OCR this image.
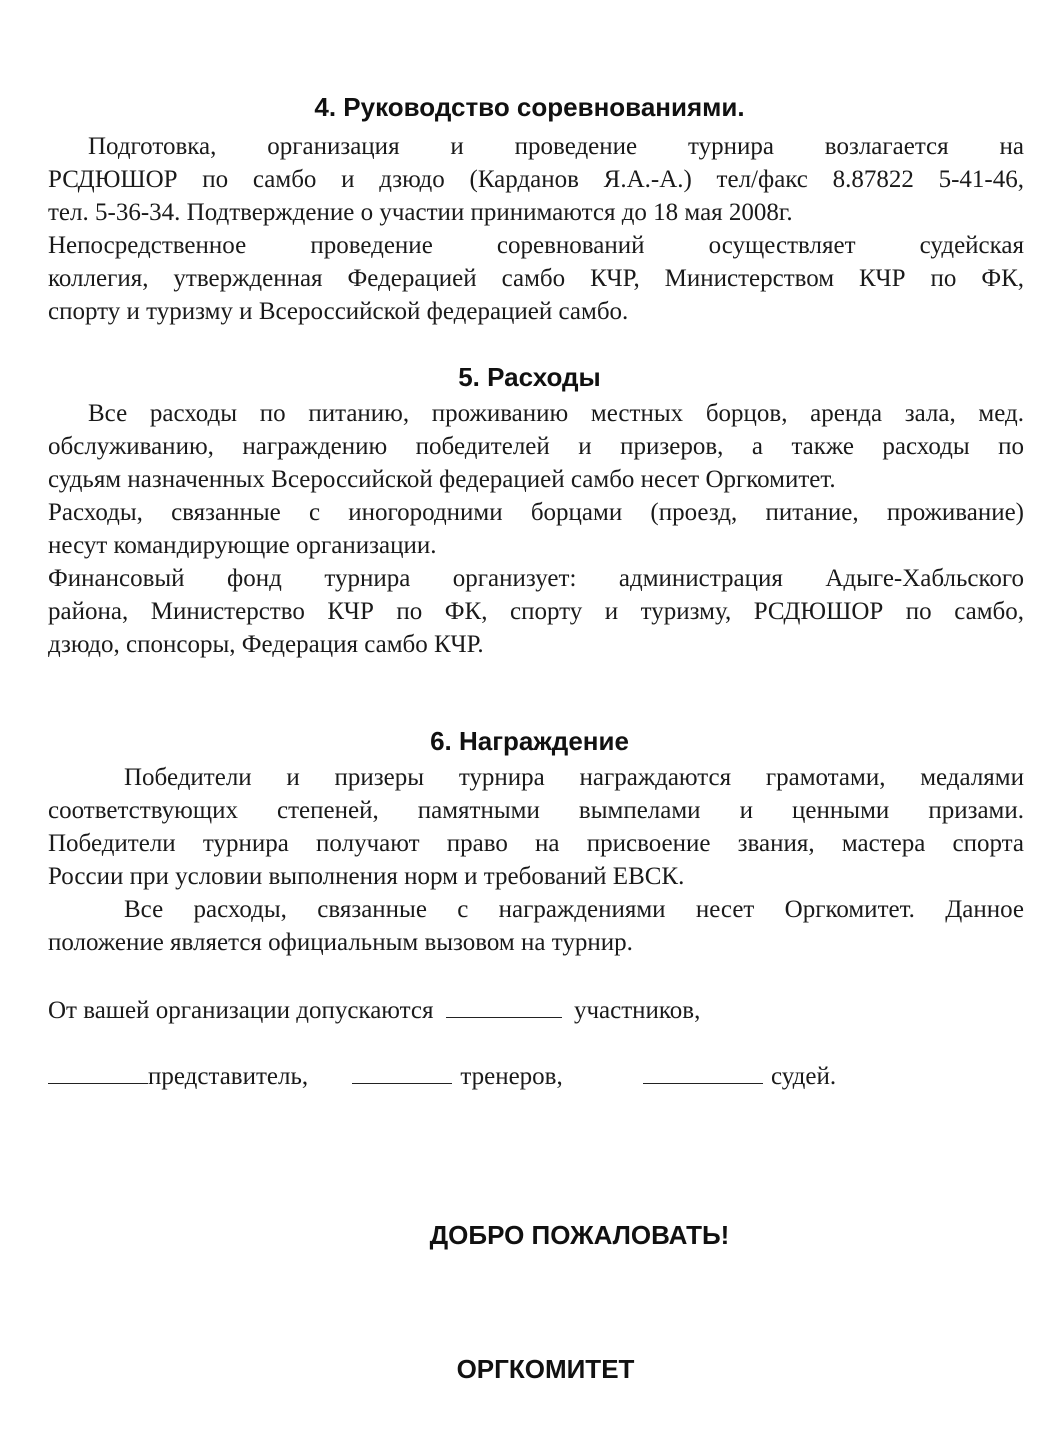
4. Руководство соревнованиями.
Подготовка, организация и проведение турнира возлагается на
РСДЮШОР по самбо и дзюдо (Карданов Я.А.-А.) тел/факс 8.87822 5-41-46,
тел. 5-36-34. Подтверждение о участии принимаются до 18 мая 2008г.
Непосредственное проведение соревнований осуществляет судейская
коллегия, утвержденная Федерацией самбо КЧР, Министерством КЧР по ФК,
спорту и туризму и Всероссийской федерацией самбо.
5. Расходы
Все расходы по питанию, проживанию местных борцов, аренда зала, мед.
обслуживанию, награждению победителей и призеров, а также расходы по
судьям назначенных Всероссийской федерацией самбо несет Оргкомитет.
Расходы, связанные с иногородними борцами (проезд, питание, проживание)
несут командирующие организации.
Финансовый фонд турнира организует: администрация Адыге-Хабльского
района, Министерство КЧР по ФК, спорту и туризму, РСДЮШОР по самбо,
дзюдо, спонсоры, Федерация самбо КЧР.
6. Награждение
Победители и призеры турнира награждаются грамотами, медалями
соответствующих степеней, памятными вымпелами и ценными призами.
Победители турнира получают право на присвоение звания, мастера спорта
России при условии выполнения норм и требований ЕВСК.
Все расходы, связанные с награждениями несет Оргкомитет. Данное
положение является официальным вызовом на турнир.
От вашей организации допускаются	участников,
представитель,	тренеров,	судей.
ДОБРО ПОЖАЛОВАТЬ!
ОРГКОМИТЕТ
